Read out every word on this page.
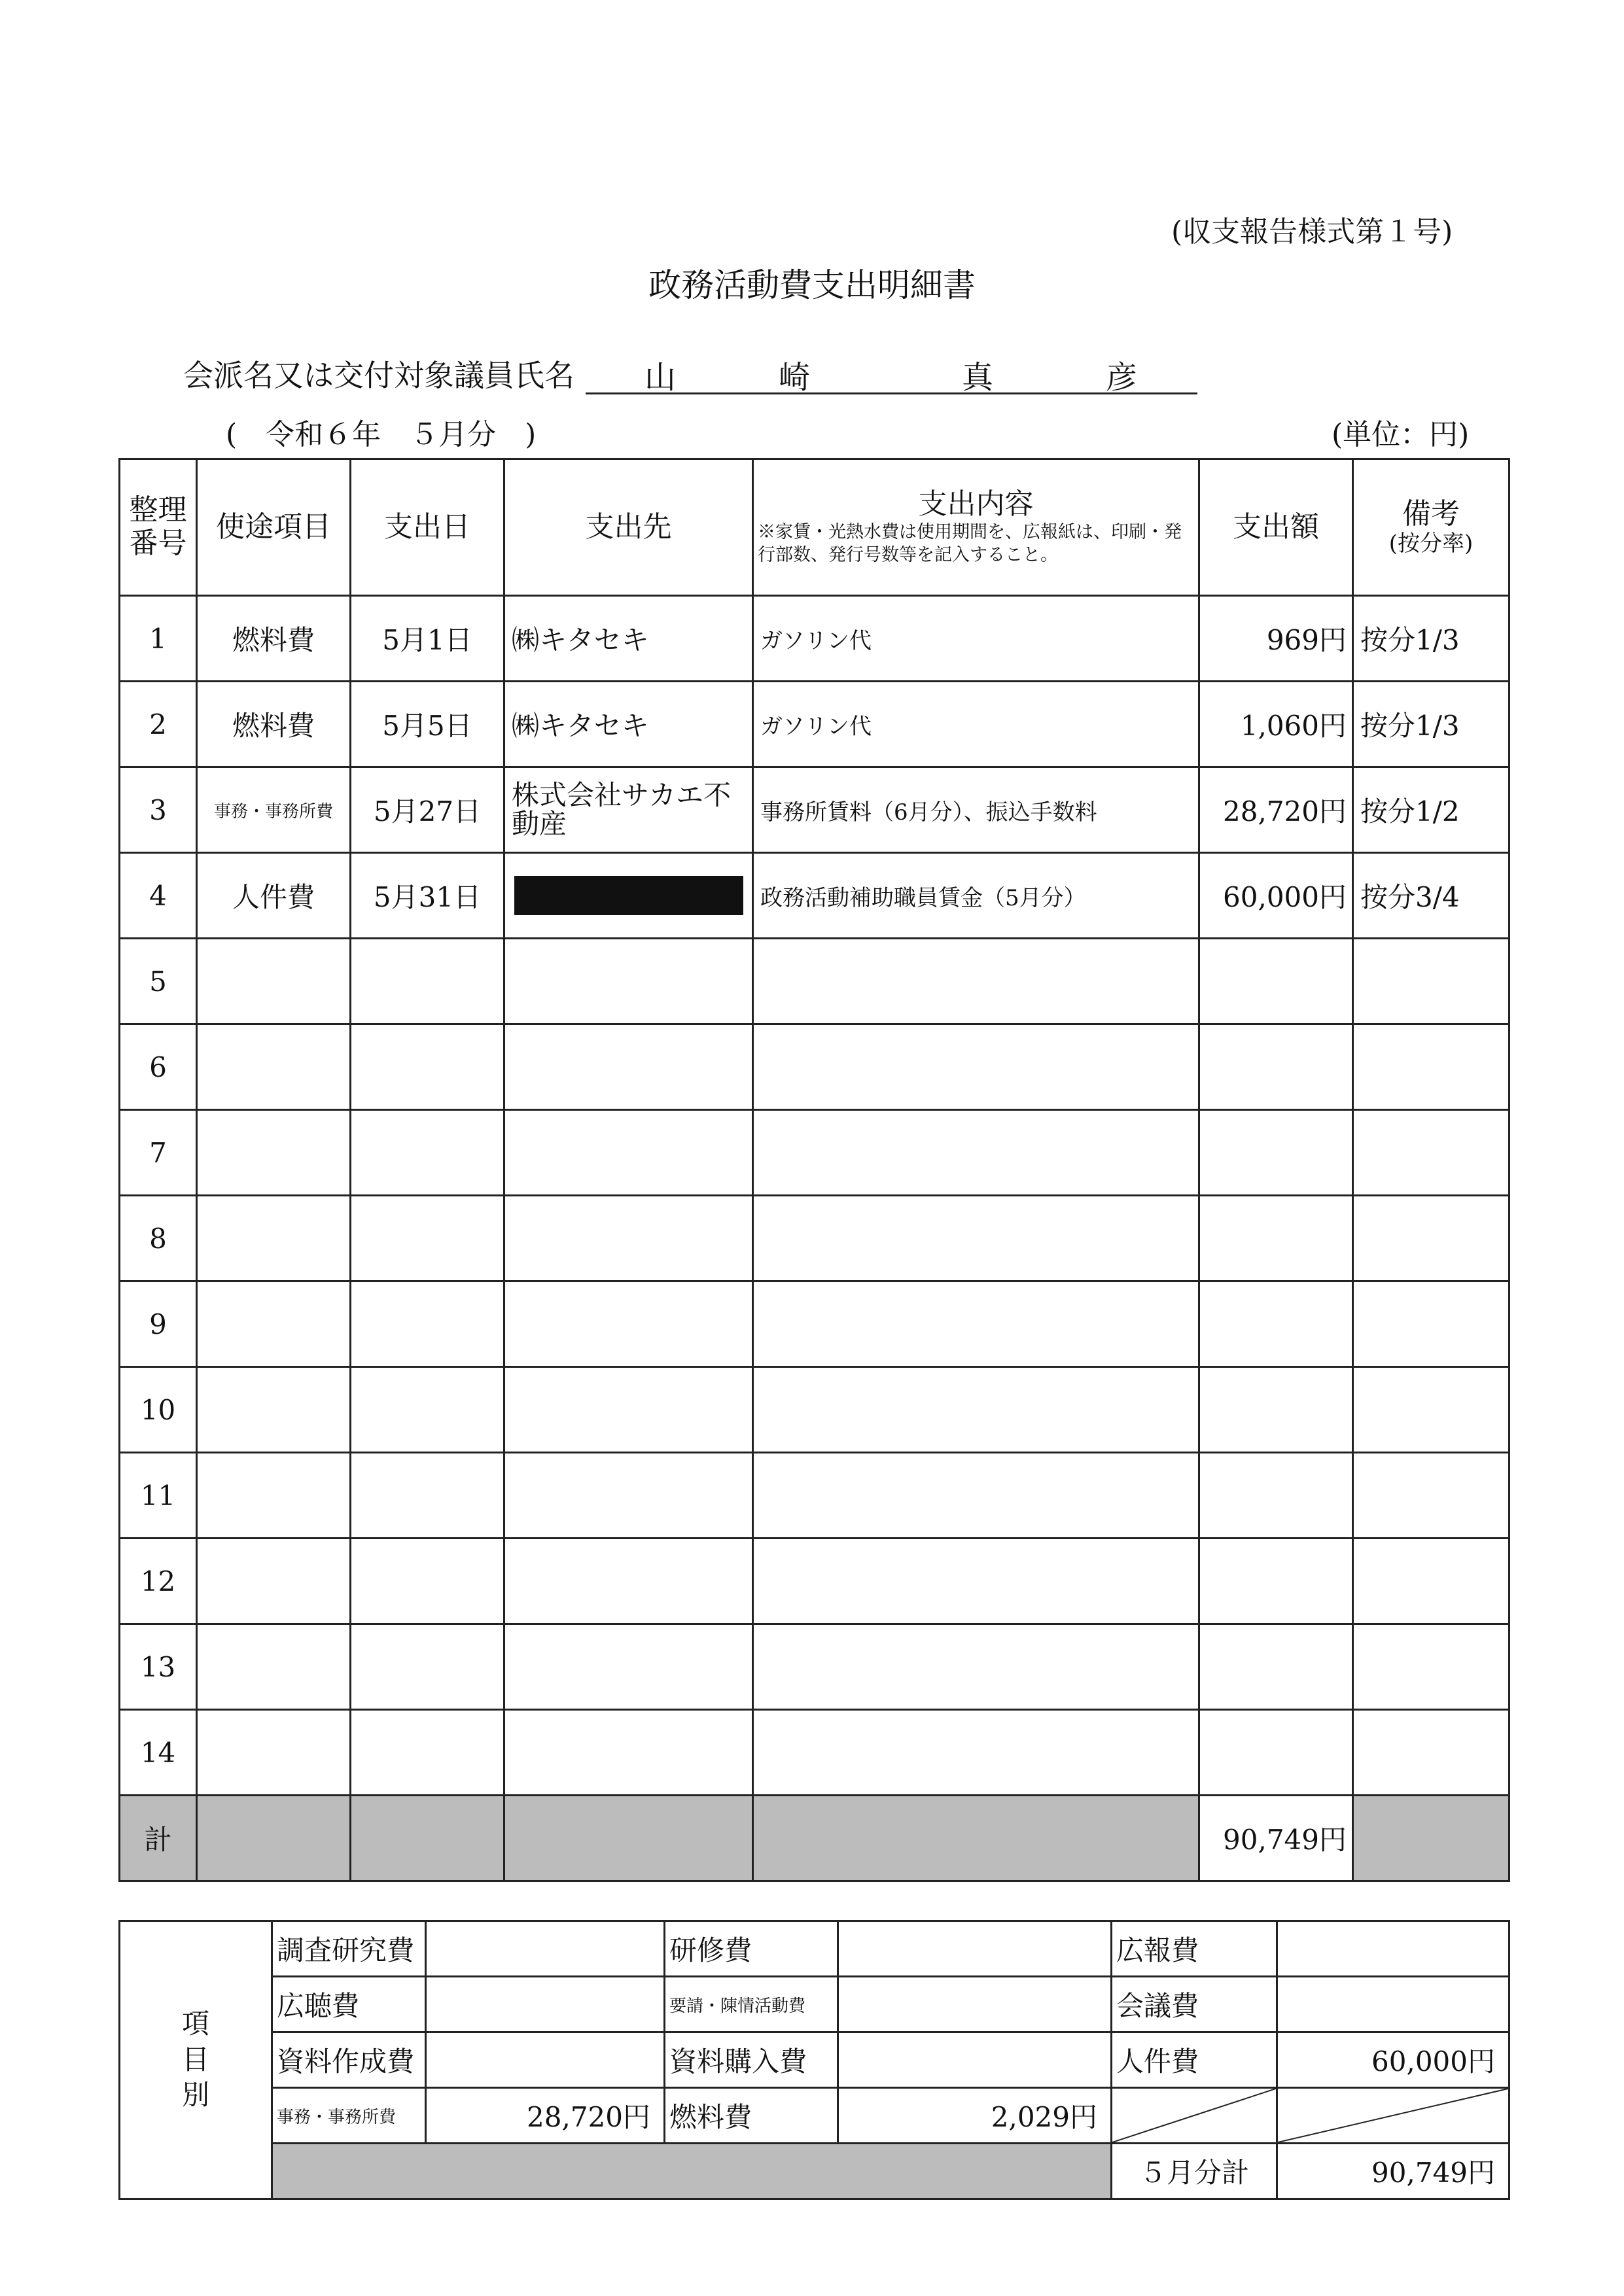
(収支報告様式第１号)
政務活動費支出明細書
会派名又は交付対象議員氏名 山	崎	真	彦
(　令和６年　５月分　)	(単位：円)
整理
番号	使途項目	支出日	支出先	支出内容
※家賃・光熱水費は使用期間を、広報紙は、印刷・発行部数、発行号数等を記入すること。	支出額	備考
(按分率)

1	燃料費	5月1日	㈱キタセキ	ガソリン代	969円	按分1/3
2	燃料費	5月5日	㈱キタセキ	ガソリン代	1,060円	按分1/3
3	事務・事務所費	5月27日	株式会社サカエ不動産	事務所賃料（6月分）、振込手数料	28,720円	按分1/2
4	人件費	5月31日		政務活動補助職員賃金（5月分）	60,000円	按分3/4
5						
6						
7						
8						
9						
10						
11						
12						
13						
14						
計					90,749円	
項
目
別	調査研究費		研修費		広報費	
	広聴費		要請・陳情活動費		会議費	
	資料作成費		資料購入費		人件費	60,000円
	事務・事務所費	28,720円	燃料費	2,029円	

					５月分計	90,749円
